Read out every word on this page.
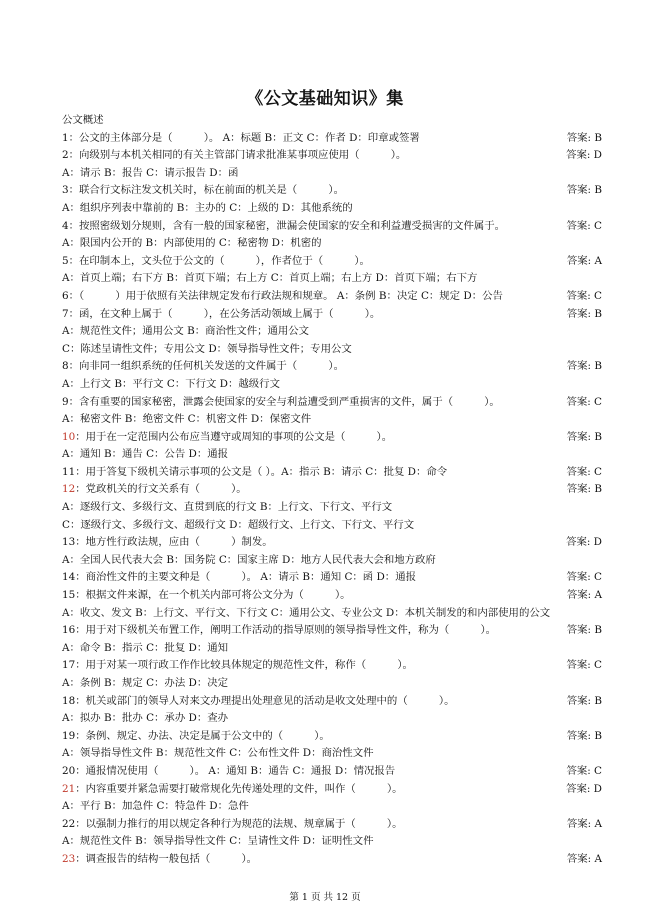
《公文基础知识》集
公文概述
1：公文的主体部分是（　　　）。 A：标题 B：正文 C：作者 D：印章或签署	答案: B
2：向级别与本机关相同的有关主管部门请求批准某事项应使用（　　　）。	答案: D
A：请示 B：报告 C：请示报告 D：函
3：联合行文标注发文机关时，标在前面的机关是（　　　）。	答案: B
A：组织序列表中靠前的 B：主办的 C：上级的 D：其他系统的
4：按照密级划分规则，含有一般的国家秘密，泄漏会使国家的安全和利益遭受损害的文件属于。	答案: C
A：限国内公开的 B：内部使用的 C：秘密物 D：机密的
5：在印制本上，文头位于公文的（　　　），作者位于（　　　）。	答案: A
A：首页上端；右下方 B：首页下端；右上方 C：首页上端；右上方 D：首页下端；右下方
6：（　　　）用于依照有关法律规定发布行政法规和规章。 A：条例 B：决定 C：规定 D：公告	答案: C
7：函，在文种上属于（　　　），在公务活动领域上属于（　　　）。	答案: B
A：规范性文件；通用公文 B：商治性文件；通用公文
C：陈述呈请性文件；专用公文 D：领导指导性文件；专用公文
8：向非同一组织系统的任何机关发送的文件属于（　　　）。	答案: B
A：上行文 B：平行文 C：下行文 D：越级行文
9：含有重要的国家秘密，泄露会使国家的安全与利益遭受到严重损害的文件，属于（　　　）。	答案: C
A：秘密文件 B：绝密文件 C：机密文件 D：保密文件
10：用于在一定范围内公布应当遵守或周知的事项的公文是（　　　）。	答案: B
A：通知 B：通告 C：公告 D：通报
11：用于答复下级机关请示事项的公文是（ ）。A：指示 B：请示 C：批复 D：命令	答案: C
12：党政机关的行文关系有（　　　）。	答案: B
A：逐级行文、多级行文、直贯到底的行文 B：上行文、下行文、平行文
C：逐级行文、多级行文、超级行文 D：超级行文、上行文、下行文、平行文
13：地方性行政法规，应由（　　　）制发。	答案: D
A：全国人民代表大会 B：国务院 C：国家主席 D：地方人民代表大会和地方政府
14：商治性文件的主要文种是（　　　）。 A：请示 B：通知 C：函 D：通报	答案: C
15：根据文件来源，在一个机关内部可将公文分为（　　　）。	答案: A
A：收文、发文 B：上行文、平行文、下行文 C：通用公文、专业公文 D：本机关制发的和内部使用的公文
16：用于对下级机关布置工作，阐明工作活动的指导原则的领导指导性文件，称为（　　　）。	答案: B
A：命令 B：指示 C：批复 D：通知
17：用于对某一项行政工作作比较具体规定的规范性文件，称作（　　　）。	答案: C
A：条例 B：规定 C：办法 D：决定
18：机关或部门的领导人对来文办理提出处理意见的活动是收文处理中的（　　　）。	答案: B
A：拟办 B：批办 C：承办 D：查办
19：条例、规定、办法、决定是属于公文中的（　　　）。	答案: B
A：领导指导性文件 B：规范性文件 C：公布性文件 D：商治性文件
20：通报情况使用（　　　）。 A：通知 B：通告 C：通报 D：情况报告	答案: C
21：内容重要并紧急需要打破常规化先传递处理的文件，叫作（　　　）。	答案: D
A：平行 B：加急件 C：特急件 D：急件
22：以强制力推行的用以规定各种行为规范的法规、规章属于（　　　）。	答案: A
A：规范性文件 B：领导指导性文件 C：呈请性文件 D：证明性文件
23：调查报告的结构一般包括（　　　）。	答案: A
第 1 页 共 12 页
